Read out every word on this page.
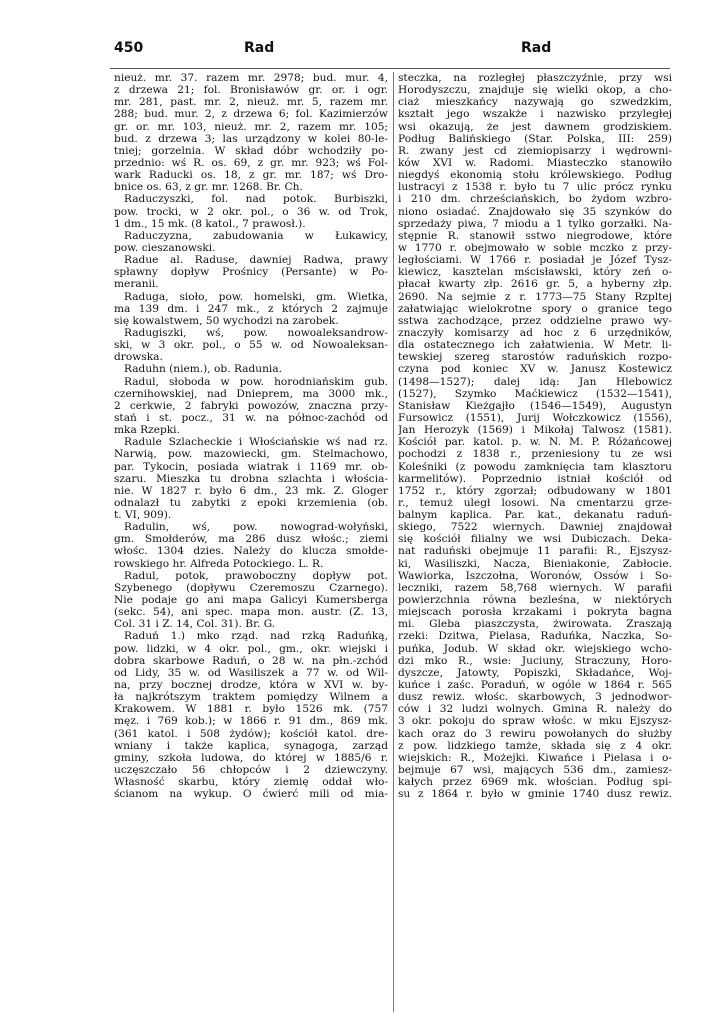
450	Rad	Rad
nieuż. mr. 37. razem mr. 2978; bud. mur. 4,
z drzewa 21; fol. Bronisławów gr. or. i ogr.
mr. 281, past. mr. 2, nieuż. mr. 5, razem mr.
288; bud. mur. 2, z drzewa 6; fol. Kazimierzów
gr. or. mr. 103, nieuż. mr. 2, razem mr. 105;
bud. z drzewa 3; las urządzony w kolei 80-le-
tniej; gorzelnia. W skład dóbr wchodziły po-
przednio: wś R. os. 69, z gr. mr. 923; wś Fol-
wark Raducki os. 18, z gr. mr. 187; wś Dro-
bnice os. 63, z gr. mr. 1268. Br. Ch.
Raduczyszki, fol. nad potok. Burbiszki,
pow. trocki, w 2 okr. pol., o 36 w. od Trok,
1 dm., 15 mk. (8 katol., 7 prawosł.).
Raduczyzna, zabudowania w Łukawicy,
pow. cieszanowski.
Radue al. Raduse, dawniej Radwa, prawy
spławny dopływ Prośnicy (Persante) w Po-
meranii.
Raduga, sioło, pow. homelski, gm. Wietka,
ma 139 dm. i 247 mk., z których 2 zajmuje
się kowalstwem, 50 wychodzi na zarobek.
Radugiszki, wś, pow. nowoaleksandrow-
ski, w 3 okr. pol., o 55 w. od Nowoaleksan-
drowska.
Raduhn (niem.), ob. Radunia.
Radul, słoboda w pow. horodniańskim gub.
czernihowskiej, nad Dnieprem, ma 3000 mk.,
2 cerkwie, 2 fabryki powozów, znaczna przy-
stań i st. pocz., 31 w. na północ-zachód od
mka Rzepki.
Radule Szlacheckie i Włościańskie wś nad rz.
Narwią, pow. mazowiecki, gm. Stelmachowo,
par. Tykocin, posiada wiatrak i 1169 mr. ob-
szaru. Mieszka tu drobna szlachta i włościa-
nie. W 1827 r. było 6 dm., 23 mk. Z. Gloger
odnalazł tu zabytki z epoki krzemienia (ob.
t. VI, 909).
Radulin, wś, pow. nowograd-wołyński,
gm. Smołderów, ma 286 dusz włośc.; ziemi
włośc. 1304 dzies. Należy do klucza smołde-
rowskiego hr. Alfreda Potockiego. L. R.
Radul, potok, prawoboczny dopływ pot.
Szybenego (dopływu Czeremoszu Czarnego).
Nie podaje go ani mapa Galicyi Kumersberga
(sekc. 54), ani spec. mapa mon. austr. (Z. 13,
Col. 31 i Z. 14, Col. 31). Br. G.
Raduń 1.) mko rząd. nad rzką Raduńką,
pow. lidzki, w 4 okr. pol., gm., okr. wiejski i
dobra skarbowe Raduń, o 28 w. na płn.-zchód
od Lidy, 35 w. od Wasiliszek a 77 w. od Wil-
na, przy bocznej drodze, która w XVI w. by-
ła najkrótszym traktem pomiędzy Wilnem a
Krakowem. W 1881 r. było 1526 mk. (757
męz. i 769 kob.); w 1866 r. 91 dm., 869 mk.
(361 katol. i 508 żydów); kościół katol. dre-
wniany i także kaplica, synagoga, zarząd
gminy, szkoła ludowa, do której w 1885/6 r.
uczęszczało 56 chłopców i 2 dziewczyny.
Własność skarbu, który ziemię oddał wło-
ścianom na wykup. O ćwierć mili od mia-
steczka, na rozległej płaszczyźnie, przy wsi
Horodyszczu, znajduje się wielki okop, a cho-
ciaż mieszkańcy nazywają go szwedzkim,
kształt jego wszakże i nazwisko przyległej
wsi okazują, że jest dawnem grodziskiem.
Podług Balińskiego (Star. Polska, III: 259)
R. zwany jest cd ziemiopisarzy i wędrowni-
ków XVI w. Radomi. Miasteczko stanowiło
niegdyś ekonomią stołu królewskiego. Podług
lustracyi z 1538 r. było tu 7 ulic prócz rynku
i 210 dm. chrześciańskich, bo żydom wzbro-
niono osiadać. Znajdowało się 35 szynków do
sprzedaży piwa, 7 miodu a 1 tylko gorzałki. Na-
stępnie R. stanowił sstwo niegrodowe, które
w 1770 r. obejmowało w sobie mczko z przy-
ległościami. W 1766 r. posiadał je Józef Tysz-
kiewicz, kasztelan mścisławski, który zeń o-
płacał kwarty złp. 2616 gr. 5, a hyberny złp.
2690. Na sejmie z r. 1773—75 Stany Rzpltej
załatwiając wielokrotne spory o granice tego
sstwa zachodzące, przez oddzielne prawo wy-
znaczyły komisarzy ad hoc z 6 urzędników,
dla ostatecznego ich załatwienia. W Metr. li-
tewskiej szereg starostów raduńskich rozpo-
czyna pod koniec XV w. Janusz Kostewicz
(1498—1527); dalej idą: Jan Hlebowicz
(1527), Szymko Maćkiewicz (1532—1541),
Stanisław Kieżgajło (1546—1549), Augustyn
Fursowicz (1551), Jurij Wołczkowicz (1556),
Jan Herozyk (1569) i Mikołaj Talwosz (1581).
Kościół par. katol. p. w. N. M. P. Różańcowej
pochodzi z 1838 r., przeniesiony tu ze wsi
Koleśniki (z powodu zamknięcia tam klasztoru
karmelitów). Poprzednio istniał kościół od
1752 r., który zgorzał; odbudowany w 1801
r., temuż uległ losowi. Na cmentarzu grze-
balnym kaplica. Par. kat., dekanatu raduń-
skiego, 7522 wiernych. Dawniej znajdował
się kościół filialny we wsi Dubiczach. Deka-
nat raduński obejmuje 11 parafii: R., Ejszysz-
ki, Wasiliszki, Nacza, Bieniakonie, Zabłocie.
Wawiorka, Iszczołna, Woronów, Ossów i So-
leczniki, razem 58,768 wiernych. W parafii
powierzchnia równa bezleśna, w niektórych
miejscach porosła krzakami i pokryta bagna
mi. Gleba piaszczysta, żwirowata. Zraszają
rzeki: Dzitwa, Pielasa, Raduńka, Naczka, So-
puńka, Jodub. W skład okr. wiejskiego wcho-
dzi mko R., wsie: Juciuny, Straczuny, Horo-
dyszcze, Jatowty, Popiszki, Składańce, Woj-
kuńce i zaśc. Poraduń, w ogóle w 1864 r. 565
dusz rewiz. włośc. skarbowych, 3 jednodwor-
ców i 32 ludzi wolnych. Gmina R. należy do
3 okr. pokoju do spraw włośc. w mku Ejszysz-
kach oraz do 3 rewiru powołanych do służby
z pow. lidzkiego tamże, składa się z 4 okr.
wiejskich: R., Możejki. Kiwańce i Pielasa i o-
bejmuje 67 wsi, mających 536 dm., zamiesz-
kałych przez 6969 mk. włościan. Podług spi-
su z 1864 r. było w gminie 1740 dusz rewiz.
